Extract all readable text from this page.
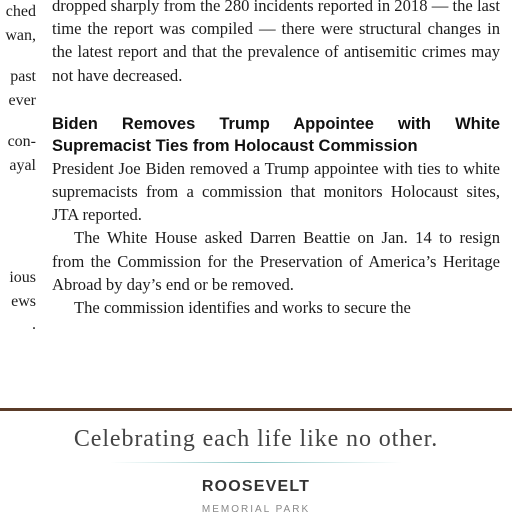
ched

wan,

past

ever

con-

ayal

ious

ews

.

dropped sharply from the 280 incidents reported in 2018 — the last time the report was compiled — there were structural changes in the latest report and that the prevalence of antisemitic crimes may not have decreased.

Biden Removes Trump Appointee with White Supremacist Ties from Holocaust Commission

President Joe Biden removed a Trump appointee with ties to white supremacists from a commission that monitors Holocaust sites, JTA reported.

The White House asked Darren Beattie on Jan. 14 to resign from the Commission for the Preservation of America’s Heritage Abroad by day’s end or be removed.

The commission identifies and works to secure the

Celebrating each life like no other.
ROOSEVELT
MEMORIAL PARK
